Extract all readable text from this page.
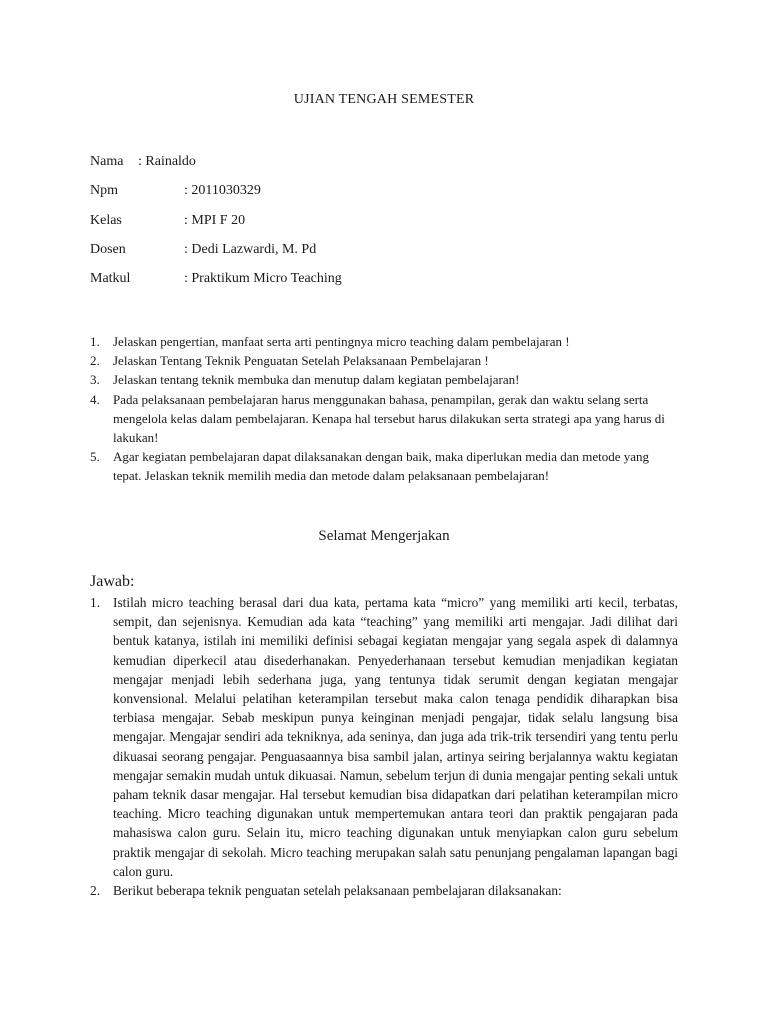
UJIAN TENGAH SEMESTER
Nama : Rainaldo
Npm	: 2011030329
Kelas	: MPI F 20
Dosen	: Dedi Lazwardi, M. Pd
Matkul	: Praktikum Micro Teaching
1. Jelaskan pengertian, manfaat serta arti pentingnya micro teaching dalam pembelajaran !
2. Jelaskan Tentang Teknik Penguatan Setelah Pelaksanaan Pembelajaran !
3. Jelaskan tentang teknik membuka dan menutup dalam kegiatan pembelajaran!
4. Pada pelaksanaan pembelajaran harus menggunakan bahasa, penampilan, gerak dan waktu selang serta mengelola kelas dalam pembelajaran. Kenapa hal tersebut harus dilakukan serta strategi apa yang harus di lakukan!
5. Agar kegiatan pembelajaran dapat dilaksanakan dengan baik, maka diperlukan media dan metode yang tepat. Jelaskan teknik memilih media dan metode dalam pelaksanaan pembelajaran!
Selamat Mengerjakan
Jawab:
1. Istilah micro teaching berasal dari dua kata, pertama kata “micro” yang memiliki arti kecil, terbatas, sempit, dan sejenisnya. Kemudian ada kata “teaching” yang memiliki arti mengajar. Jadi dilihat dari bentuk katanya, istilah ini memiliki definisi sebagai kegiatan mengajar yang segala aspek di dalamnya kemudian diperkecil atau disederhanakan. Penyederhanaan tersebut kemudian menjadikan kegiatan mengajar menjadi lebih sederhana juga, yang tentunya tidak serumit dengan kegiatan mengajar konvensional. Melalui pelatihan keterampilan tersebut maka calon tenaga pendidik diharapkan bisa terbiasa mengajar. Sebab meskipun punya keinginan menjadi pengajar, tidak selalu langsung bisa mengajar. Mengajar sendiri ada tekniknya, ada seninya, dan juga ada trik-trik tersendiri yang tentu perlu dikuasai seorang pengajar. Penguasaannya bisa sambil jalan, artinya seiring berjalannya waktu kegiatan mengajar semakin mudah untuk dikuasai. Namun, sebelum terjun di dunia mengajar penting sekali untuk paham teknik dasar mengajar. Hal tersebut kemudian bisa didapatkan dari pelatihan keterampilan micro teaching. Micro teaching digunakan untuk mempertemukan antara teori dan praktik pengajaran pada mahasiswa calon guru. Selain itu, micro teaching digunakan untuk menyiapkan calon guru sebelum praktik mengajar di sekolah. Micro teaching merupakan salah satu penunjang pengalaman lapangan bagi calon guru.
2. Berikut beberapa teknik penguatan setelah pelaksanaan pembelajaran dilaksanakan:
